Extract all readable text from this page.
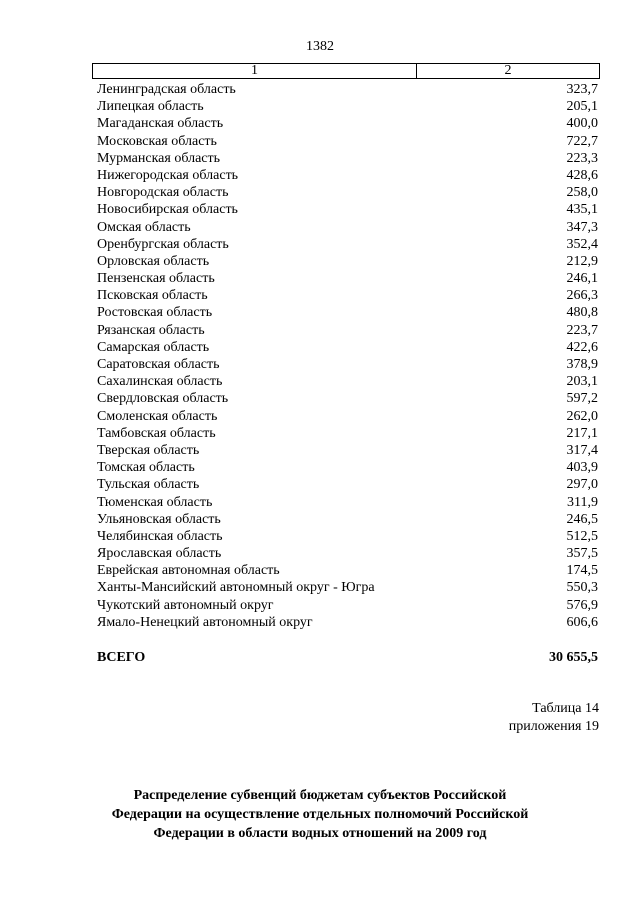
1382
1	2
Ленинградская область	323,7
Липецкая область	205,1
Магаданская область	400,0
Московская область	722,7
Мурманская область	223,3
Нижегородская область	428,6
Новгородская область	258,0
Новосибирская область	435,1
Омская область	347,3
Оренбургская область	352,4
Орловская область	212,9
Пензенская область	246,1
Псковская область	266,3
Ростовская область	480,8
Рязанская область	223,7
Самарская область	422,6
Саратовская область	378,9
Сахалинская область	203,1
Свердловская область	597,2
Смоленская область	262,0
Тамбовская область	217,1
Тверская область	317,4
Томская область	403,9
Тульская область	297,0
Тюменская область	311,9
Ульяновская область	246,5
Челябинская область	512,5
Ярославская область	357,5
Еврейская автономная область	174,5
Ханты-Мансийский автономный округ - Югра	550,3
Чукотский автономный округ	576,9
Ямало-Ненецкий автономный округ	606,6
ВСЕГО	30 655,5
Таблица 14
приложения 19
Распределение субвенций бюджетам субъектов Российской
Федерации на осуществление отдельных полномочий Российской
Федерации в области водных отношений на 2009 год
